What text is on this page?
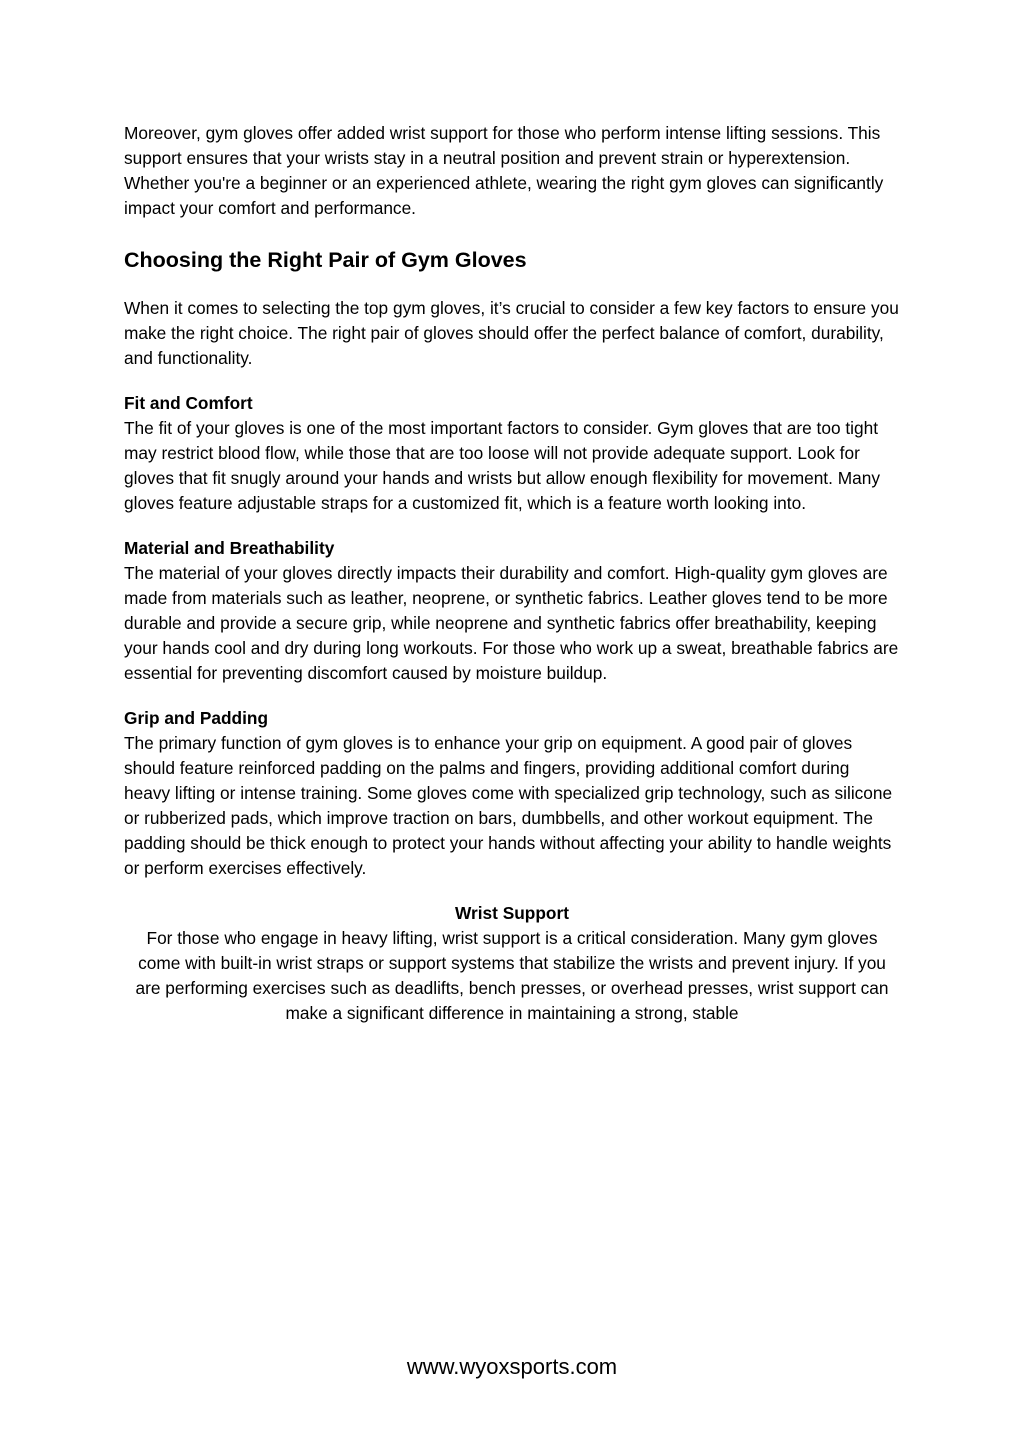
Moreover, gym gloves offer added wrist support for those who perform intense lifting sessions. This support ensures that your wrists stay in a neutral position and prevent strain or hyperextension. Whether you're a beginner or an experienced athlete, wearing the right gym gloves can significantly impact your comfort and performance.

Choosing the Right Pair of Gym Gloves

When it comes to selecting the top gym gloves, it’s crucial to consider a few key factors to ensure you make the right choice. The right pair of gloves should offer the perfect balance of comfort, durability, and functionality.

Fit and Comfort

The fit of your gloves is one of the most important factors to consider. Gym gloves that are too tight may restrict blood flow, while those that are too loose will not provide adequate support. Look for gloves that fit snugly around your hands and wrists but allow enough flexibility for movement. Many gloves feature adjustable straps for a customized fit, which is a feature worth looking into.

Material and Breathability

The material of your gloves directly impacts their durability and comfort. High-quality gym gloves are made from materials such as leather, neoprene, or synthetic fabrics. Leather gloves tend to be more durable and provide a secure grip, while neoprene and synthetic fabrics offer breathability, keeping your hands cool and dry during long workouts. For those who work up a sweat, breathable fabrics are essential for preventing discomfort caused by moisture buildup.

Grip and Padding

The primary function of gym gloves is to enhance your grip on equipment. A good pair of gloves should feature reinforced padding on the palms and fingers, providing additional comfort during heavy lifting or intense training. Some gloves come with specialized grip technology, such as silicone or rubberized pads, which improve traction on bars, dumbbells, and other workout equipment. The padding should be thick enough to protect your hands without affecting your ability to handle weights or perform exercises effectively.

Wrist Support

For those who engage in heavy lifting, wrist support is a critical consideration. Many gym gloves come with built-in wrist straps or support systems that stabilize the wrists and prevent injury. If you are performing exercises such as deadlifts, bench presses, or overhead presses, wrist support can make a significant difference in maintaining a strong, stable

www.wyoxsports.com
